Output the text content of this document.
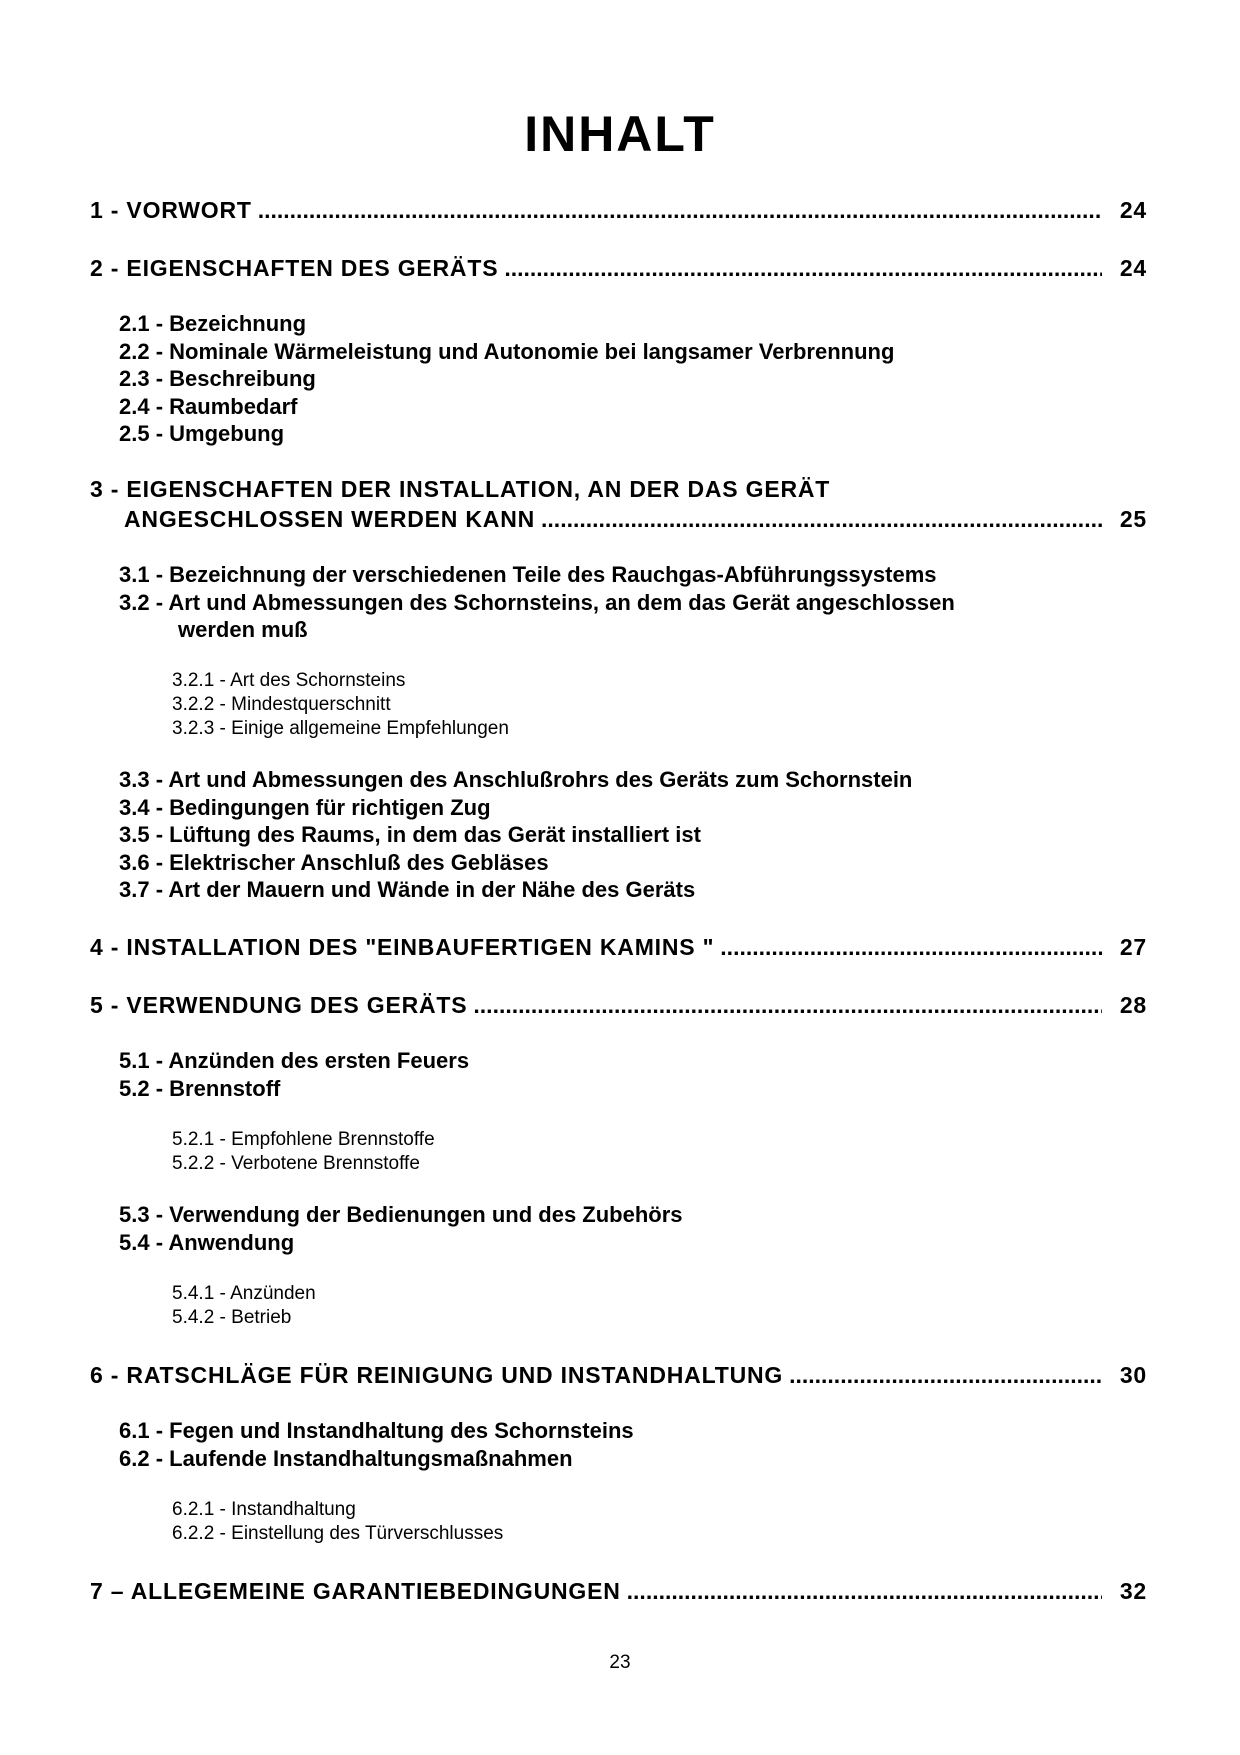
INHALT
1 - VORWORT .....	24
2 - EIGENSCHAFTEN DES GERÄTS .....	24
2.1 - Bezeichnung
2.2 - Nominale Wärmeleistung und Autonomie bei langsamer Verbrennung
2.3 - Beschreibung
2.4 - Raumbedarf
2.5 - Umgebung
3 - EIGENSCHAFTEN DER INSTALLATION, AN DER DAS GERÄT
ANGESCHLOSSEN WERDEN KANN .....	25
3.1 - Bezeichnung der verschiedenen Teile des Rauchgas-Abführungssystems
3.2 - Art und Abmessungen des Schornsteins, an dem das Gerät angeschlossen
werden muß
3.2.1 - Art des Schornsteins
3.2.2 - Mindestquerschnitt
3.2.3 - Einige allgemeine Empfehlungen
3.3 - Art und Abmessungen des Anschlußrohrs des Geräts zum Schornstein
3.4 - Bedingungen für richtigen Zug
3.5 - Lüftung des Raums, in dem das Gerät installiert ist
3.6 - Elektrischer Anschluß des Gebläses
3.7 - Art der Mauern und Wände in der Nähe des Geräts
4 - INSTALLATION DES "EINBAUFERTIGEN KAMINS " .....	27
5 - VERWENDUNG DES GERÄTS .....	28
5.1 - Anzünden des ersten Feuers
5.2 - Brennstoff
5.2.1 - Empfohlene Brennstoffe
5.2.2 - Verbotene Brennstoffe
5.3 - Verwendung der Bedienungen und des Zubehörs
5.4 - Anwendung
5.4.1 - Anzünden
5.4.2 - Betrieb
6 - RATSCHLÄGE FÜR REINIGUNG UND INSTANDHALTUNG .....	30
6.1 - Fegen und Instandhaltung des Schornsteins
6.2 - Laufende Instandhaltungsmaßnahmen
6.2.1 - Instandhaltung
6.2.2 - Einstellung des Türverschlusses
7 – ALLEGEMEINE GARANTIEBEDINGUNGEN .....	32
23
